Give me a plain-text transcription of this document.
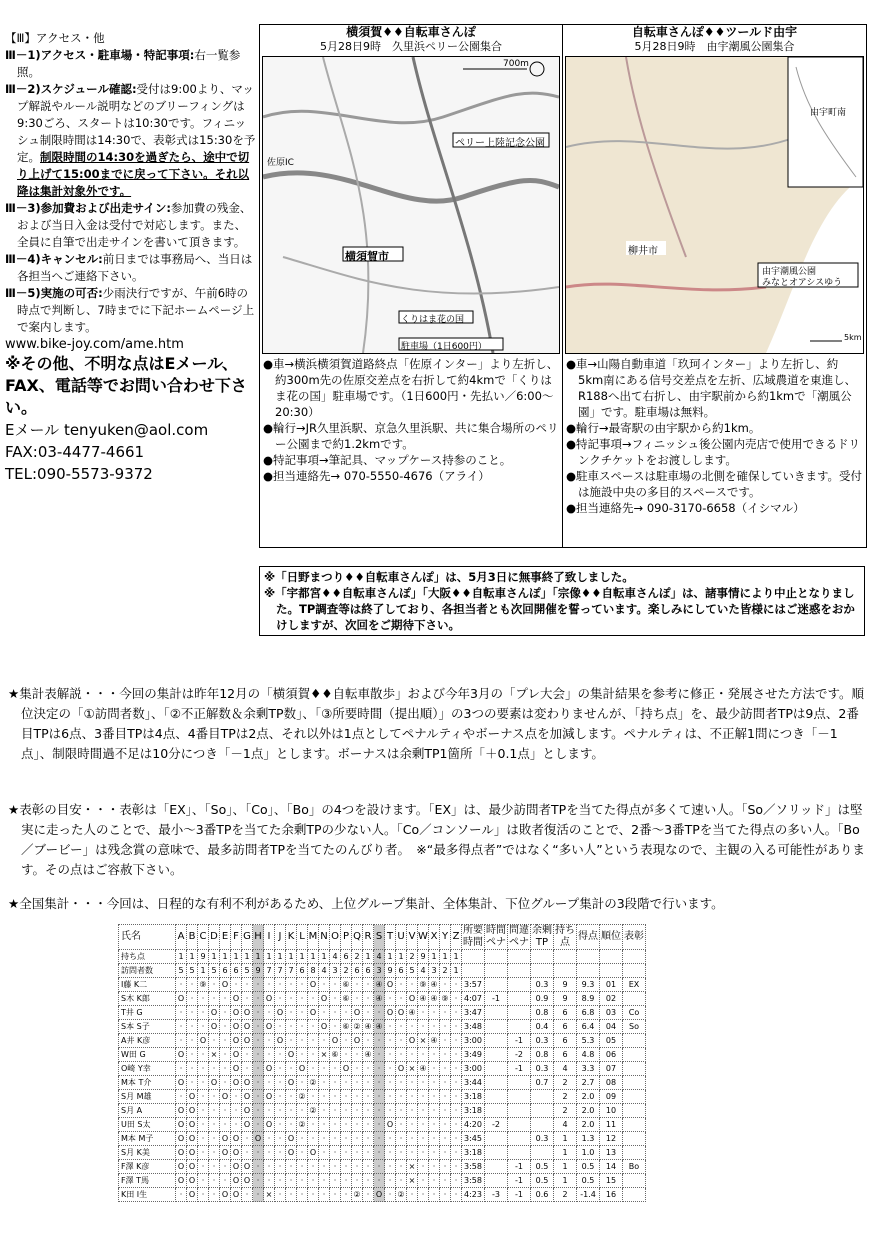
【Ⅲ】アクセス・他

Ⅲ－1)アクセス・駐車場・特記事項:右一覧参照。

Ⅲ－2)スケジュール確認:受付は9:00より、マップ解説やルール説明などのブリーフィングは9:30ごろ、スタートは10:30です。フィニッシュ制限時間は14:30で、表彰式は15:30を予定。制限時間の14:30を過ぎたら、途中で切り上げて15:00までに戻って下さい。それ以降は集計対象外です。

Ⅲ－3)参加費および出走サイン:参加費の残金、および当日入金は受付で対応します。また、全員に自筆で出走サインを書いて頂きます。

Ⅲ－4)キャンセル:前日までは事務局へ、当日は各担当へご連絡下さい。

Ⅲ－5)実施の可否:少雨決行ですが、午前6時の時点で判断し、7時までに下記ホームページ上で案内します。

www.bike-joy.com/ame.htm

※その他、不明な点はEメール、FAX、電話等でお問い合わせ下さい。

Eメール tenyuken@aol.com

FAX:03-4477-4661

TEL:090-5573-9372

横須賀♦♦自転車さんぽ
5月28日9時　久里浜ペリー公園集合
ペリー上陸記念公園
横須賀市
くりはま花の国
駐車場（1日600円）
佐原IC
700m

●車→横浜横須賀道路終点「佐原インター」より左折し、約300m先の佐原交差点を右折して約4kmで「くりはま花の国」駐車場です。（1日600円・先払い／6:00～20:30）

●輪行→JR久里浜駅、京急久里浜駅、共に集合場所のペリー公園まで約1.2kmです。

●特記事項→筆記具、マップケース持参のこと。

●担当連絡先→ 070-5550-4676（アライ）

自転車さんぽ♦♦ツールド由宇
5月28日9時　由宇潮風公園集合
由宇町南
柳井市
由宇潮風公園
みなとオアシスゆう
5km

●車→山陽自動車道「玖珂インター」より左折し、約5km南にある信号交差点を左折、広域農道を東進し、R188へ出て右折し、由宇駅前から約1kmで「潮風公園」です。駐車場は無料。

●輪行→最寄駅の由宇駅から約1km。

●特記事項→フィニッシュ後公園内売店で使用できるドリンクチケットをお渡しします。

●駐車スペースは駐車場の北側を確保していきます。受付は施設中央の多目的スペースです。

●担当連絡先→ 090-3170-6658（イシマル）

※「日野まつり♦♦自転車さんぽ」は、5月3日に無事終了致しました。

※「宇都宮♦♦自転車さんぽ」「大阪♦♦自転車さんぽ」「宗像♦♦自転車さんぽ」は、諸事情により中止となりました。TP調査等は終了しており、各担当者とも次回開催を誓っています。楽しみにしていた皆様にはご迷惑をおかけしますが、次回をご期待下さい。

★集計表解説・・・今回の集計は昨年12月の「横須賀♦♦自転車散歩」および今年3月の「プレ大会」の集計結果を参考に修正・発展させた方法です。順位決定の「①訪問者数」、「②不正解数＆余剰TP数」、「③所要時間（提出順）」の3つの要素は変わりませんが、「持ち点」を、最少訪問者TPは9点、2番目TPは6点、3番目TPは4点、4番目TPは2点、それ以外は1点としてペナルティやボーナス点を加減します。ペナルティは、不正解1問につき「－1点」、制限時間過不足は10分につき「－1点」とします。ボーナスは余剰TP1箇所「＋0.1点」とします。

★表彰の目安・・・表彰は「EX」、「So」、「Co」、「Bo」の4つを設けます。「EX」は、最少訪問者TPを当てた得点が多くて速い人。「So／ソリッド」は堅実に走った人のことで、最小～3番TPを当てた余剰TPの少ない人。「Co／コンソール」は敗者復活のことで、2番～3番TPを当てた得点の多い人。「Bo／ブービー」は残念賞の意味で、最多訪問者TPを当てたのんびり者。　※“最多得点者”ではなく“多い人”という表現なので、主観の入る可能性があります。その点はご容赦下さい。

★全国集計・・・今回は、日程的な有利不利があるため、上位グループ集計、全体集計、下位グループ集計の3段階で行います。

氏名	A	B	C	D	E	F	G	H	I	J	K	L	M	N	O	P	Q	R	S	T	U	V	W	X	Y	Z	所要時間	時間ペナ	問違ペナ	余剰TP	持ち点	得点	順位	表彰
持ち点	1	1	9	1	1	1	1	1	1	1	1	1	1	1	4	6	2	1	4	1	1	2	9	1	1	1								
訪問者数	5	5	1	5	6	6	5	9	7	7	7	6	8	4	3	2	6	6	3	9	6	5	4	3	2	1								
I藤 K二	·	·	⑨	·	O	·	·	·	·	·	·	·	O	·	·	⑥	·	·	④	O	·	·	⑨	④	·	·	3:57			0.3	9	9.3	01	EX
S木 K郎	O	·	·	·	·	O	·	·	O	·	·	·	·	O	·	⑥	·	·	④	·	·	O	④	④	⑨	·	4:07	-1		0.9	9	8.9	02	
T井 G	·	·	·	O	·	O	O	·	·	O	·	·	O	·	·	·	O	·	·	O	O	④	·	·	·	·	3:47			0.8	6	6.8	03	Co
S本 S子	·	·	·	O	·	O	O	·	O	·	·	·	·	O	·	⑥	②	④	④	·	·	·	·	·	·	·	3:48			0.4	6	6.4	04	So
A井 K彦	·	·	O	·	·	O	O	·	·	O	·	·	·	·	O	·	O	·	·	·	·	O	×	④	·	·	3:00		-1	0.3	6	5.3	05	
W田 G	O	·	·	×	·	O	·	·	·	·	O	·	·	×	⑥	·	·	④	·	·	·	·	·	·	·	·	3:49		-2	0.8	6	4.8	06	
O崎 Y幸	·	·	·	·	·	O	·	·	O	·	·	O	·	·	·	O	·	·	·	·	O	×	④	·	·	·	3:00		-1	0.3	4	3.3	07	
M本 T介	O	·	·	O	·	O	O	·	·	·	O	·	②	·	·	·	·	·	·	·	·	·	·	·	·	·	3:44			0.7	2	2.7	08	
S月 M雄	·	O	·	·	O	·	O	·	O	·	·	②	·	·	·	·	·	·	·	·	·	·	·	·	·	·	3:18				2	2.0	09	
S月 A	O	O	·	·	·	·	O	·	·	·	·	·	②	·	·	·	·	·	·	·	·	·	·	·	·	·	3:18				2	2.0	10	
U田 S太	O	O	·	·	·	·	O	·	O	·	·	②	·	·	·	·	·	·	·	O	·	·	·	·	·	·	4:20	-2			4	2.0	11	
M本 M子	O	O	·	·	O	O	·	O	·	·	O	·	·	·	·	·	·	·	·	·	·	·	·	·	·	·	3:45			0.3	1	1.3	12	
S月 K美	O	O	·	·	O	O	·	·	·	·	O	·	O	·	·	·	·	·	·	·	·	·	·	·	·	·	3:18				1	1.0	13	
F澤 K彦	O	O	·	·	·	O	O	·	·	·	·	·	·	·	·	·	·	·	·	·	·	×	·	·	·	·	3:58		-1	0.5	1	0.5	14	Bo
F澤 T馬	O	O	·	·	·	O	O	·	·	·	·	·	·	·	·	·	·	·	·	·	·	×	·	·	·	·	3:58		-1	0.5	1	0.5	15	
K田 I生	·	O	·	·	O	O	·	·	×	·	·	·	·	·	·	·	②	·	O	·	②	·	·	·	·	·	4:23	-3	-1	0.6	2	-1.4	16	
